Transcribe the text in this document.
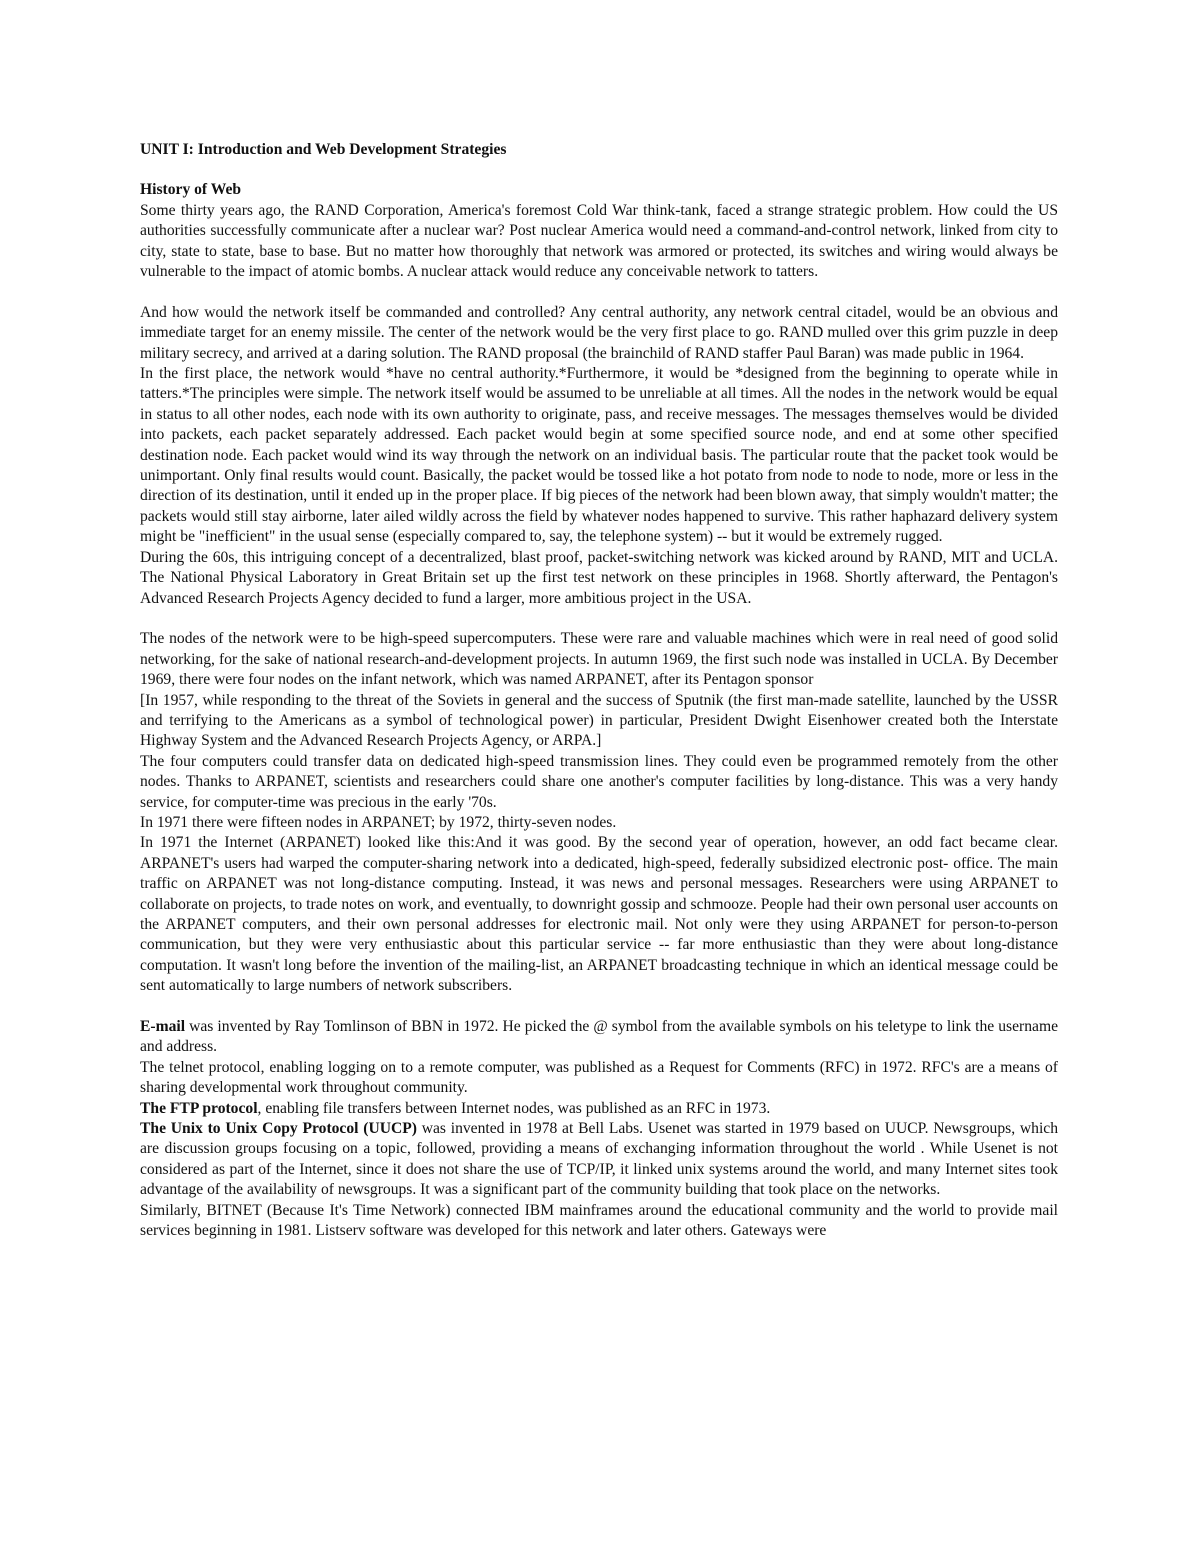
UNIT I: Introduction and Web Development Strategies
History of Web

Some thirty years ago, the RAND Corporation, America's foremost Cold War think-tank, faced a strange strategic problem. How could the US authorities successfully communicate after a nuclear war? Post nuclear America would need a command-and-control network, linked from city to city, state to state, base to base. But no matter how thoroughly that network was armored or protected, its switches and wiring would always be vulnerable to the impact of atomic bombs. A nuclear attack would reduce any conceivable network to tatters.

And how would the network itself be commanded and controlled? Any central authority, any network central citadel, would be an obvious and immediate target for an enemy missile. The center of the network would be the very first place to go. RAND mulled over this grim puzzle in deep military secrecy, and arrived at a daring solution. The RAND proposal (the brainchild of RAND staffer Paul Baran) was made public in 1964.

In the first place, the network would *have no central authority.*Furthermore, it would be *designed from the beginning to operate while in tatters.*The principles were simple. The network itself would be assumed to be unreliable at all times. All the nodes in the network would be equal in status to all other nodes, each node with its own authority to originate, pass, and receive messages. The messages themselves would be divided into packets, each packet separately addressed. Each packet would begin at some specified source node, and end at some other specified destination node. Each packet would wind its way through the network on an individual basis. The particular route that the packet took would be unimportant. Only final results would count. Basically, the packet would be tossed like a hot potato from node to node to node, more or less in the direction of its destination, until it ended up in the proper place. If big pieces of the network had been blown away, that simply wouldn't matter; the packets would still stay airborne, later ailed wildly across the field by whatever nodes happened to survive. This rather haphazard delivery system might be "inefficient" in the usual sense (especially compared to, say, the telephone system) -- but it would be extremely rugged.

During the 60s, this intriguing concept of a decentralized, blast proof, packet-switching network was kicked around by RAND, MIT and UCLA. The National Physical Laboratory in Great Britain set up the first test network on these principles in 1968. Shortly afterward, the Pentagon's Advanced Research Projects Agency decided to fund a larger, more ambitious project in the USA.

The nodes of the network were to be high-speed supercomputers. These were rare and valuable machines which were in real need of good solid networking, for the sake of national research-and-development projects. In autumn 1969, the first such node was installed in UCLA. By December 1969, there were four nodes on the infant network, which was named ARPANET, after its Pentagon sponsor

[In 1957, while responding to the threat of the Soviets in general and the success of Sputnik (the first man-made satellite, launched by the USSR and terrifying to the Americans as a symbol of technological power) in particular, President Dwight Eisenhower created both the Interstate Highway System and the Advanced Research Projects Agency, or ARPA.]

The four computers could transfer data on dedicated high-speed transmission lines. They could even be programmed remotely from the other nodes. Thanks to ARPANET, scientists and researchers could share one another's computer facilities by long-distance. This was a very handy service, for computer-time was precious in the early '70s.

In 1971 there were fifteen nodes in ARPANET; by 1972, thirty-seven nodes.

In 1971 the Internet (ARPANET) looked like this:And it was good. By the second year of operation, however, an odd fact became clear. ARPANET's users had warped the computer-sharing network into a dedicated, high-speed, federally subsidized electronic post- office. The main traffic on ARPANET was not long-distance computing. Instead, it was news and personal messages. Researchers were using ARPANET to collaborate on projects, to trade notes on work, and eventually, to downright gossip and schmooze. People had their own personal user accounts on the ARPANET computers, and their own personal addresses for electronic mail. Not only were they using ARPANET for person-to-person communication, but they were very enthusiastic about this particular service -- far more enthusiastic than they were about long-distance computation. It wasn't long before the invention of the mailing-list, an ARPANET broadcasting technique in which an identical message could be sent automatically to large numbers of network subscribers.

E-mail was invented by Ray Tomlinson of BBN in 1972. He picked the @ symbol from the available symbols on his teletype to link the username and address.

The telnet protocol, enabling logging on to a remote computer, was published as a Request for Comments (RFC) in 1972. RFC's are a means of sharing developmental work throughout community.

The FTP protocol, enabling file transfers between Internet nodes, was published as an RFC in 1973.

The Unix to Unix Copy Protocol (UUCP) was invented in 1978 at Bell Labs. Usenet was started in 1979 based on UUCP. Newsgroups, which are discussion groups focusing on a topic, followed, providing a means of exchanging information throughout the world . While Usenet is not considered as part of the Internet, since it does not share the use of TCP/IP, it linked unix systems around the world, and many Internet sites took advantage of the availability of newsgroups. It was a significant part of the community building that took place on the networks.

Similarly, BITNET (Because It's Time Network) connected IBM mainframes around the educational community and the world to provide mail services beginning in 1981. Listserv software was developed for this network and later others. Gateways were
